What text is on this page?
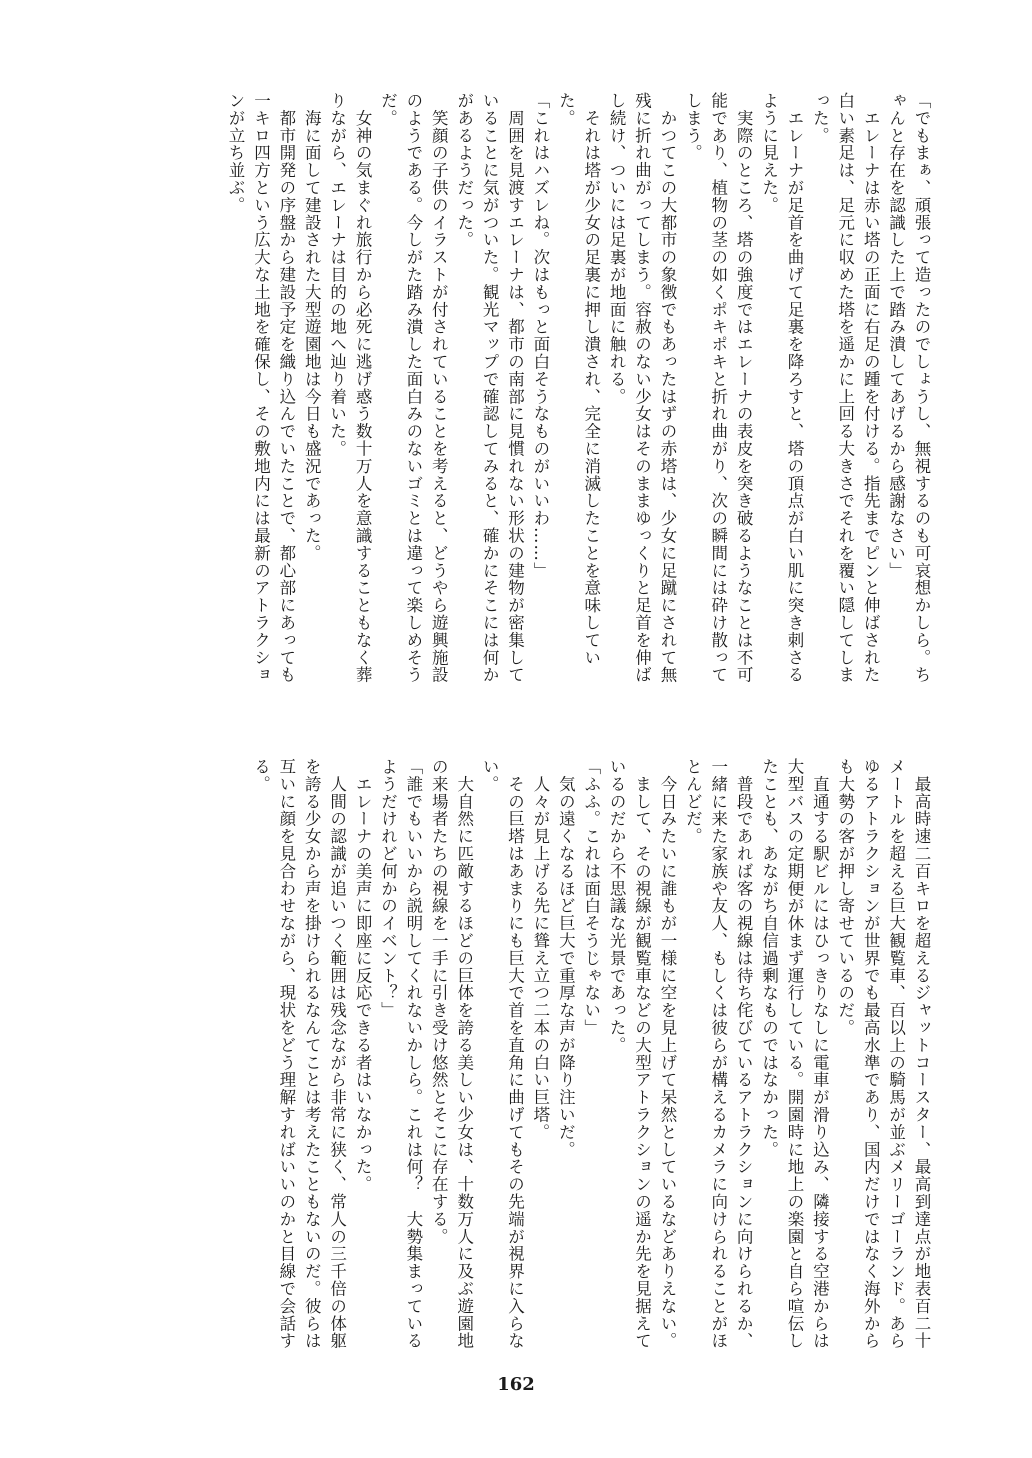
「でもまぁ、頑張って造ったのでしょうし、無視するのも可哀想かしら。ちゃんと存在を認識した上で踏み潰してあげるから感謝なさい」
　エレーナは赤い塔の正面に右足の踵を付ける。指先までピンと伸ばされた白い素足は、足元に収めた塔を遥かに上回る大きさでそれを覆い隠してしまった。
　エレーナが足首を曲げて足裏を降ろすと、塔の頂点が白い肌に突き刺さるように見えた。
　実際のところ、塔の強度ではエレーナの表皮を突き破るようなことは不可能であり、植物の茎の如くポキポキと折れ曲がり、次の瞬間には砕け散ってしまう。
　かつてこの大都市の象徴でもあったはずの赤塔は、少女に足蹴にされて無残に折れ曲がってしまう。容赦のない少女はそのままゆっくりと足首を伸ばし続け、ついには足裏が地面に触れる。
　それは塔が少女の足裏に押し潰され、完全に消滅したことを意味していた。
「これはハズレね。次はもっと面白そうなものがいいわ……」
　周囲を見渡すエレーナは、都市の南部に見慣れない形状の建物が密集していることに気がついた。観光マップで確認してみると、確かにそこには何かがあるようだった。
　笑顔の子供のイラストが付されていることを考えると、どうやら遊興施設のようである。今しがた踏み潰した面白みのないゴミとは違って楽しめそうだ。
　女神の気まぐれ旅行から必死に逃げ惑う数十万人を意識することもなく葬りながら、エレーナは目的の地へ辿り着いた。
　海に面して建設された大型遊園地は今日も盛況であった。
　都市開発の序盤から建設予定を織り込んでいたことで、都心部にあっても一キロ四方という広大な土地を確保し、その敷地内には最新のアトラクションが立ち並ぶ。

　最高時速二百キロを超えるジャットコースター、最高到達点が地表百二十メートルを超える巨大観覧車、百以上の騎馬が並ぶメリーゴーランド。あらゆるアトラクションが世界でも最高水準であり、国内だけではなく海外からも大勢の客が押し寄せているのだ。
　直通する駅ビルにはひっきりなしに電車が滑り込み、隣接する空港からは大型バスの定期便が休まず運行している。開園時に地上の楽園と自ら喧伝したことも、あながち自信過剰なものではなかった。
　普段であれば客の視線は待ち侘びているアトラクションに向けられるか、一緒に来た家族や友人、もしくは彼らが構えるカメラに向けられることがほとんどだ。
　今日みたいに誰もが一様に空を見上げて呆然としているなどありえない。
　まして、その視線が観覧車などの大型アトラクションの遥か先を見据えているのだから不思議な光景であった。
「ふふ。これは面白そうじゃない」
　気の遠くなるほど巨大で重厚な声が降り注いだ。
　人々が見上げる先に聳え立つ二本の白い巨塔。
　その巨塔はあまりにも巨大で首を直角に曲げてもその先端が視界に入らない。
　大自然に匹敵するほどの巨体を誇る美しい少女は、十数万人に及ぶ遊園地の来場者たちの視線を一手に引き受け悠然とそこに存在する。
「誰でもいいから説明してくれないかしら。これは何？　大勢集まっているようだけれど何かのイベント？」
　エレーナの美声に即座に反応できる者はいなかった。
　人間の認識が追いつく範囲は残念ながら非常に狭く、常人の三千倍の体躯を誇る少女から声を掛けられるなんてことは考えたこともないのだ。彼らは互いに顔を見合わせながら、現状をどう理解すればいいのかと目線で会話する。

162
